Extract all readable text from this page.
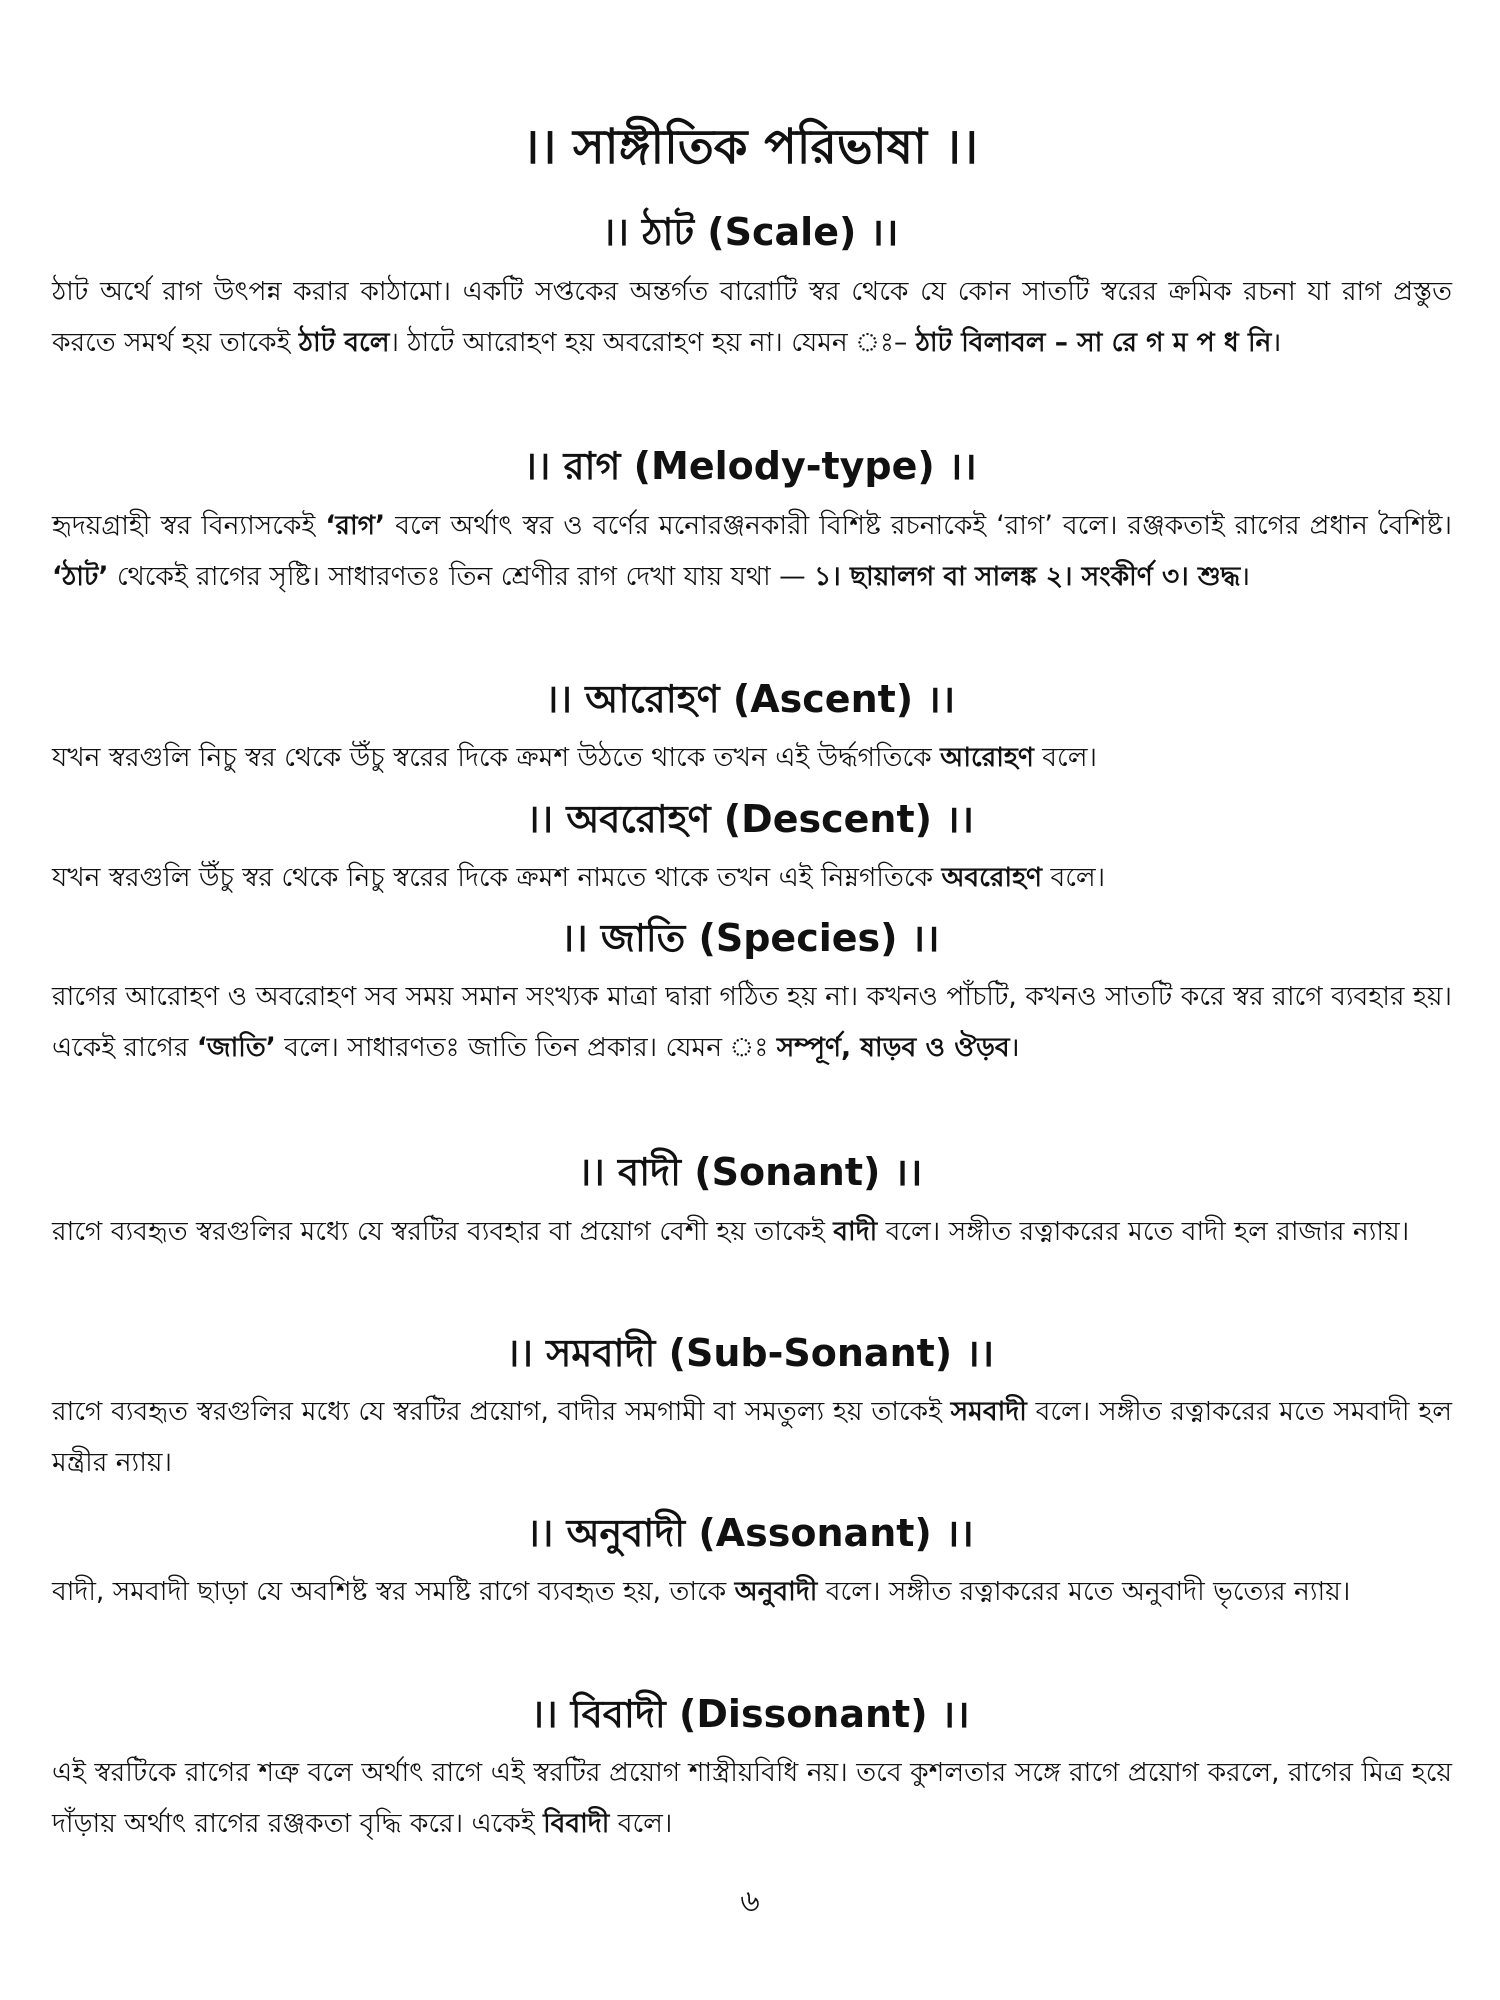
।। সাঙ্গীতিক পরিভাষা ।।
।। ঠাট (Scale) ।।
ঠাট অর্থে রাগ উৎপন্ন করার কাঠামো। একটি সপ্তকের অন্তর্গত বারোটি স্বর থেকে যে কোন সাতটি স্বরের ক্রমিক রচনা যা রাগ প্রস্তুত করতে সমর্থ হয় তাকেই ঠাট বলে। ঠাটে আরোহণ হয় অবরোহণ হয় না। যেমন ঃ– ঠাট বিলাবল – সা রে গ ম প ধ নি।
।। রাগ (Melody-type) ।।
হৃদয়গ্রাহী স্বর বিন্যাসকেই ‘রাগ’ বলে অর্থাৎ স্বর ও বর্ণের মনোরঞ্জনকারী বিশিষ্ট রচনাকেই ‘রাগ’ বলে। রঞ্জকতাই রাগের প্রধান বৈশিষ্ট। ‘ঠাট’ থেকেই রাগের সৃষ্টি। সাধারণতঃ তিন শ্রেণীর রাগ দেখা যায় যথা — ১। ছায়ালগ বা সালঙ্ক ২। সংকীর্ণ ৩। শুদ্ধ।
।। আরোহণ (Ascent) ।।
যখন স্বরগুলি নিচু স্বর থেকে উঁচু স্বরের দিকে ক্রমশ উঠতে থাকে তখন এই উর্দ্ধগতিকে আরোহণ বলে।
।। অবরোহণ (Descent) ।।
যখন স্বরগুলি উঁচু স্বর থেকে নিচু স্বরের দিকে ক্রমশ নামতে থাকে তখন এই নিম্নগতিকে অবরোহণ বলে।
।। জাতি (Species) ।।
রাগের আরোহণ ও অবরোহণ সব সময় সমান সংখ্যক মাত্রা দ্বারা গঠিত হয় না। কখনও পাঁচটি, কখনও সাতটি করে স্বর রাগে ব্যবহার হয়। একেই রাগের ‘জাতি’ বলে। সাধারণতঃ জাতি তিন প্রকার। যেমন ঃ সম্পূর্ণ, ষাড়ব ও ঔড়ব।
।। বাদী (Sonant) ।।
রাগে ব্যবহৃত স্বরগুলির মধ্যে যে স্বরটির ব্যবহার বা প্রয়োগ বেশী হয় তাকেই বাদী বলে। সঙ্গীত রত্নাকরের মতে বাদী হল রাজার ন্যায়।
।। সমবাদী (Sub-Sonant) ।।
রাগে ব্যবহৃত স্বরগুলির মধ্যে যে স্বরটির প্রয়োগ, বাদীর সমগামী বা সমতুল্য হয় তাকেই সমবাদী বলে। সঙ্গীত রত্নাকরের মতে সমবাদী হল মন্ত্রীর ন্যায়।
।। অনুবাদী (Assonant) ।।
বাদী, সমবাদী ছাড়া যে অবশিষ্ট স্বর সমষ্টি রাগে ব্যবহৃত হয়, তাকে অনুবাদী বলে। সঙ্গীত রত্নাকরের মতে অনুবাদী ভৃত্যের ন্যায়।
।। বিবাদী (Dissonant) ।।
এই স্বরটিকে রাগের শত্রু বলে অর্থাৎ রাগে এই স্বরটির প্রয়োগ শাস্ত্রীয়বিধি নয়। তবে কুশলতার সঙ্গে রাগে প্রয়োগ করলে, রাগের মিত্র হয়ে দাঁড়ায় অর্থাৎ রাগের রঞ্জকতা বৃদ্ধি করে। একেই বিবাদী বলে।
৬
